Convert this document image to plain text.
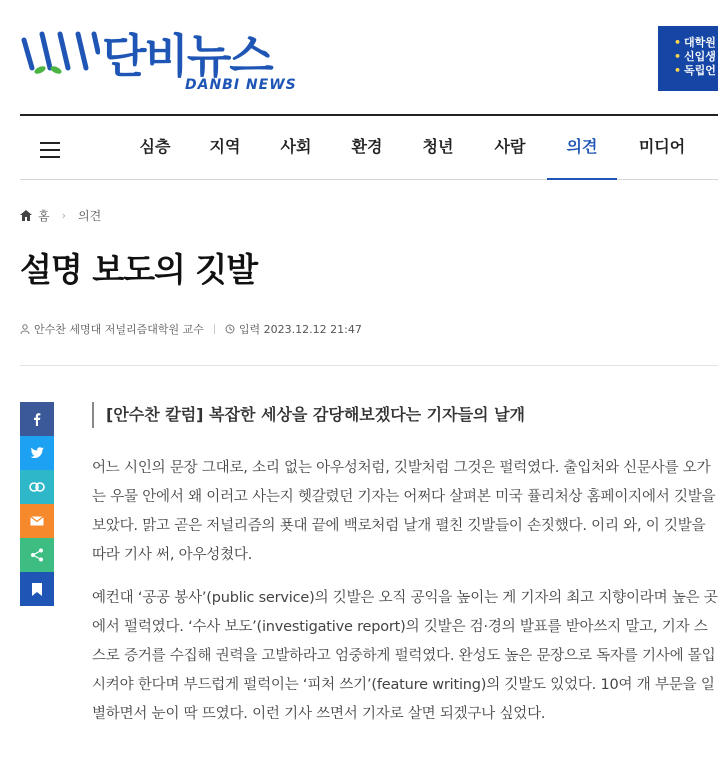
단비뉴스
DANBI NEWS
• 대학원
• 신입생
• 독립언
심층 지역	사회	환경	청년	사람	의견	미디어
홈 › 의견
설명 보도의 깃발
안수찬 세명대 저널리즘대학원 교수	입력 2023.12.12 21:47
[안수찬 칼럼] 복잡한 세상을 감당해보겠다는 기자들의 날개

어느 시인의 문장 그대로, 소리 없는 아우성처럼, 깃발처럼 그것은 펄럭였다. 출입처와 신문사를 오가는 우물 안에서 왜 이러고 사는지 헷갈렸던 기자는 어쩌다 살펴본 미국 퓰리처상 홈페이지에서 깃발을 보았다. 맑고 곧은 저널리즘의 푯대 끝에 백로처럼 날개 펼친 깃발들이 손짓했다. 이리 와, 이 깃발을 따라 기사 써, 아우성쳤다.

예컨대 ‘공공 봉사’(public service)의 깃발은 오직 공익을 높이는 게 기자의 최고 지향이라며 높은 곳에서 펄럭였다. ‘수사 보도’(investigative report)의 깃발은 검·경의 발표를 받아쓰지 말고, 기자 스스로 증거를 수집해 권력을 고발하라고 엄중하게 펄럭였다. 완성도 높은 문장으로 독자를 기사에 몰입시켜야 한다며 부드럽게 펄럭이는 ‘피처 쓰기’(feature writing)의 깃발도 있었다. 10여 개 부문을 일별하면서 눈이 딱 뜨였다. 이런 기사 쓰면서 기자로 살면 되겠구나 싶었다.
